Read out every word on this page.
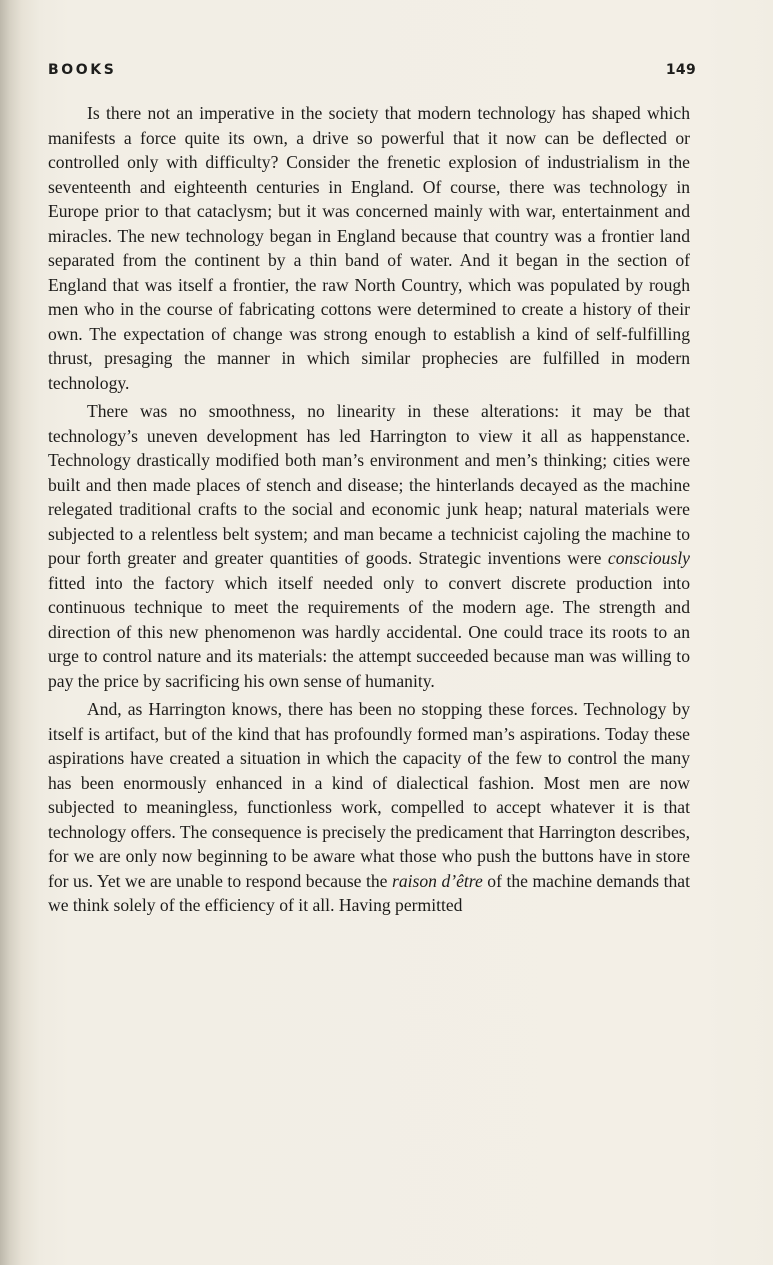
BOOKS	149

Is there not an imperative in the society that modern technology has shaped which manifests a force quite its own, a drive so powerful that it now can be deflected or controlled only with difficulty? Consider the frenetic explosion of industrialism in the seventeenth and eighteenth centuries in England. Of course, there was technology in Europe prior to that cataclysm; but it was concerned mainly with war, entertainment and miracles. The new technology began in England because that country was a frontier land separated from the continent by a thin band of water. And it began in the section of England that was itself a frontier, the raw North Country, which was populated by rough men who in the course of fabricating cottons were determined to create a history of their own. The expectation of change was strong enough to establish a kind of self-fulfilling thrust, presaging the manner in which similar prophecies are fulfilled in modern technology.

There was no smoothness, no linearity in these alterations: it may be that technology’s uneven development has led Harrington to view it all as happenstance. Technology drastically modified both man’s environment and men’s thinking; cities were built and then made places of stench and disease; the hinterlands decayed as the machine relegated traditional crafts to the social and economic junk heap; natural materials were subjected to a relentless belt system; and man became a technicist cajoling the machine to pour forth greater and greater quantities of goods. Strategic inventions were consciously fitted into the factory which itself needed only to convert discrete production into continuous technique to meet the requirements of the modern age. The strength and direction of this new phenomenon was hardly accidental. One could trace its roots to an urge to control nature and its materials: the attempt succeeded because man was willing to pay the price by sacrificing his own sense of humanity.

And, as Harrington knows, there has been no stopping these forces. Technology by itself is artifact, but of the kind that has profoundly formed man’s aspirations. Today these aspirations have created a situation in which the capacity of the few to control the many has been enormously enhanced in a kind of dialectical fashion. Most men are now subjected to meaningless, functionless work, compelled to accept whatever it is that technology offers. The consequence is precisely the predicament that Harrington describes, for we are only now beginning to be aware what those who push the buttons have in store for us. Yet we are unable to respond because the raison d’être of the machine demands that we think solely of the efficiency of it all. Having permitted
